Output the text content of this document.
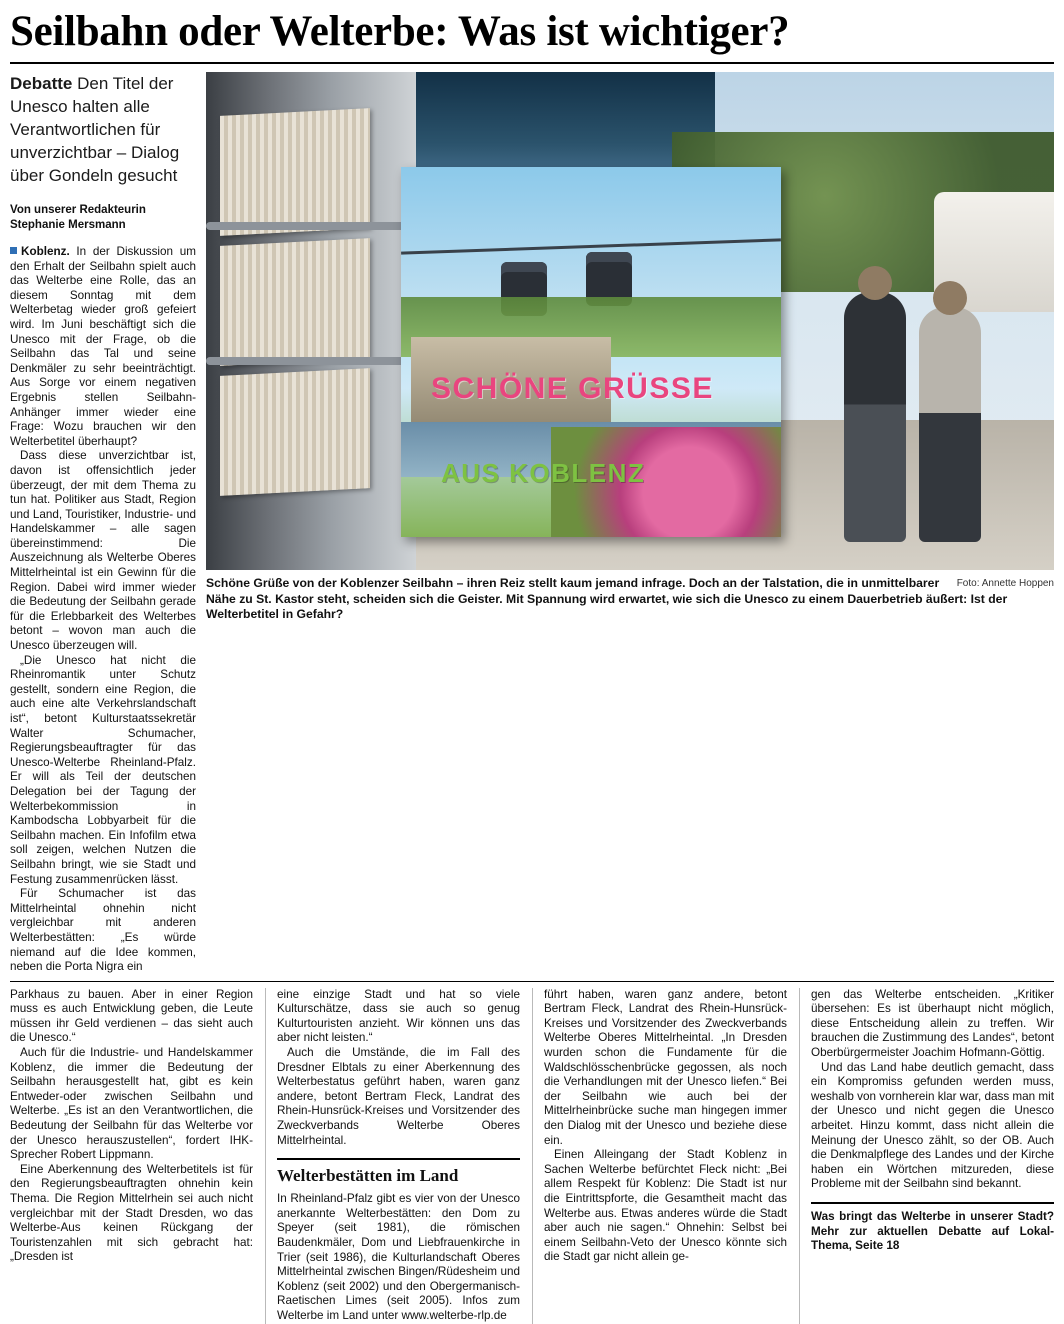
Seilbahn oder Welterbe: Was ist wichtiger?
Debatte Den Titel der Unesco halten alle Verantwortlichen für unverzichtbar – Dialog über Gondeln gesucht
Von unserer Redakteurin
Stephanie Mersmann

Koblenz. In der Diskussion um den Erhalt der Seilbahn spielt auch das Welterbe eine Rolle, das an diesem Sonntag mit dem Welterbetag wieder groß gefeiert wird. Im Juni beschäftigt sich die Unesco mit der Frage, ob die Seilbahn das Tal und seine Denkmäler zu sehr beeinträchtigt. Aus Sorge vor einem negativen Ergebnis stellen Seilbahn-Anhänger immer wieder eine Frage: Wozu brauchen wir den Welterbetitel überhaupt?

Dass diese unverzichtbar ist, davon ist offensichtlich jeder überzeugt, der mit dem Thema zu tun hat. Politiker aus Stadt, Region und Land, Touristiker, Industrie- und Handelskammer – alle sagen übereinstimmend: Die Auszeichnung als Welterbe Oberes Mittelrheintal ist ein Gewinn für die Region. Dabei wird immer wieder die Bedeutung der Seilbahn gerade für die Erlebbarkeit des Welterbes betont – wovon man auch die Unesco überzeugen will.

„Die Unesco hat nicht die Rheinromantik unter Schutz gestellt, sondern eine Region, die auch eine alte Verkehrslandschaft ist“, betont Kulturstaatssekretär Walter Schumacher, Regierungsbeauftragter für das Unesco-Welterbe Rheinland-Pfalz. Er will als Teil der deutschen Delegation bei der Tagung der Welterbekommission in Kambodscha Lobbyarbeit für die Seilbahn machen. Ein Infofilm etwa soll zeigen, welchen Nutzen die Seilbahn bringt, wie sie Stadt und Festung zusammenrücken lässt.

Für Schumacher ist das Mittelrheintal ohnehin nicht vergleichbar mit anderen Welterbestätten: „Es würde niemand auf die Idee kommen, neben die Porta Nigra ein

SCHÖNE GRÜSSE
AUS KOBLENZ
Foto: Annette Hoppen
Schöne Grüße von der Koblenzer Seilbahn – ihren Reiz stellt kaum jemand infrage. Doch an der Talstation, die in unmittelbarer Nähe zu St. Kastor steht, scheiden sich die Geister. Mit Spannung wird erwartet, wie sich die Unesco zu einem Dauerbetrieb äußert: Ist der Welterbetitel in Gefahr?

Parkhaus zu bauen. Aber in einer Region muss es auch Entwicklung geben, die Leute müssen ihr Geld verdienen – das sieht auch die Unesco.“

Auch für die Industrie- und Handelskammer Koblenz, die immer die Bedeutung der Seilbahn herausgestellt hat, gibt es kein Entweder-oder zwischen Seilbahn und Welterbe. „Es ist an den Verantwortlichen, die Bedeutung der Seilbahn für das Welterbe vor der Unesco herauszustellen“, fordert IHK-Sprecher Robert Lippmann.

Eine Aberkennung des Welterbetitels ist für den Regierungsbeauftragten ohnehin kein Thema. Die Region Mittelrhein sei auch nicht vergleichbar mit der Stadt Dresden, wo das Welterbe-Aus keinen Rückgang der Touristenzahlen mit sich gebracht hat: „Dresden ist

eine einzige Stadt und hat so viele Kulturschätze, dass sie auch so genug Kulturtouristen anzieht. Wir können uns das aber nicht leisten.“

Auch die Umstände, die im Fall des Dresdner Elbtals zu einer Aberkennung des Welterbestatus geführt haben, waren ganz andere, betont Bertram Fleck, Landrat des Rhein-Hunsrück-Kreises und Vorsitzender des Zweckverbands Welterbe Oberes Mittelrheintal.

Welterbestätten im Land

In Rheinland-Pfalz gibt es vier von der Unesco anerkannte Welterbestätten: den Dom zu Speyer (seit 1981), die römischen Baudenkmäler, Dom und Liebfrauenkirche in Trier (seit 1986), die Kulturlandschaft Oberes Mittelrheintal zwischen Bingen/Rüdesheim und Koblenz (seit 2002) und den Obergermanisch-Raetischen Limes (seit 2005). Infos zum Welterbe im Land unter www.welterbe-rlp.de

führt haben, waren ganz andere, betont Bertram Fleck, Landrat des Rhein-Hunsrück-Kreises und Vorsitzender des Zweckverbands Welterbe Oberes Mittelrheintal. „In Dresden wurden schon die Fundamente für die Waldschlösschenbrücke gegossen, als noch die Verhandlungen mit der Unesco liefen.“ Bei der Seilbahn wie auch bei der Mittelrheinbrücke suche man hingegen immer den Dialog mit der Unesco und beziehe diese ein.

Einen Alleingang der Stadt Koblenz in Sachen Welterbe befürchtet Fleck nicht: „Bei allem Respekt für Koblenz: Die Stadt ist nur die Eintrittspforte, die Gesamtheit macht das Welterbe aus. Etwas anderes würde die Stadt aber auch nie sagen.“ Ohnehin: Selbst bei einem Seilbahn-Veto der Unesco könnte sich die Stadt gar nicht allein ge-

gen das Welterbe entscheiden. „Kritiker übersehen: Es ist überhaupt nicht möglich, diese Entscheidung allein zu treffen. Wir brauchen die Zustimmung des Landes“, betont Oberbürgermeister Joachim Hofmann-Göttig.

Und das Land habe deutlich gemacht, dass ein Kompromiss gefunden werden muss, weshalb von vornherein klar war, dass man mit der Unesco und nicht gegen die Unesco arbeitet. Hinzu kommt, dass nicht allein die Meinung der Unesco zählt, so der OB. Auch die Denkmalpflege des Landes und der Kirche haben ein Wörtchen mitzureden, diese Probleme mit der Seilbahn sind bekannt.

Was bringt das Welterbe in unserer Stadt? Mehr zur aktuellen Debatte auf Lokal-Thema, Seite 18
